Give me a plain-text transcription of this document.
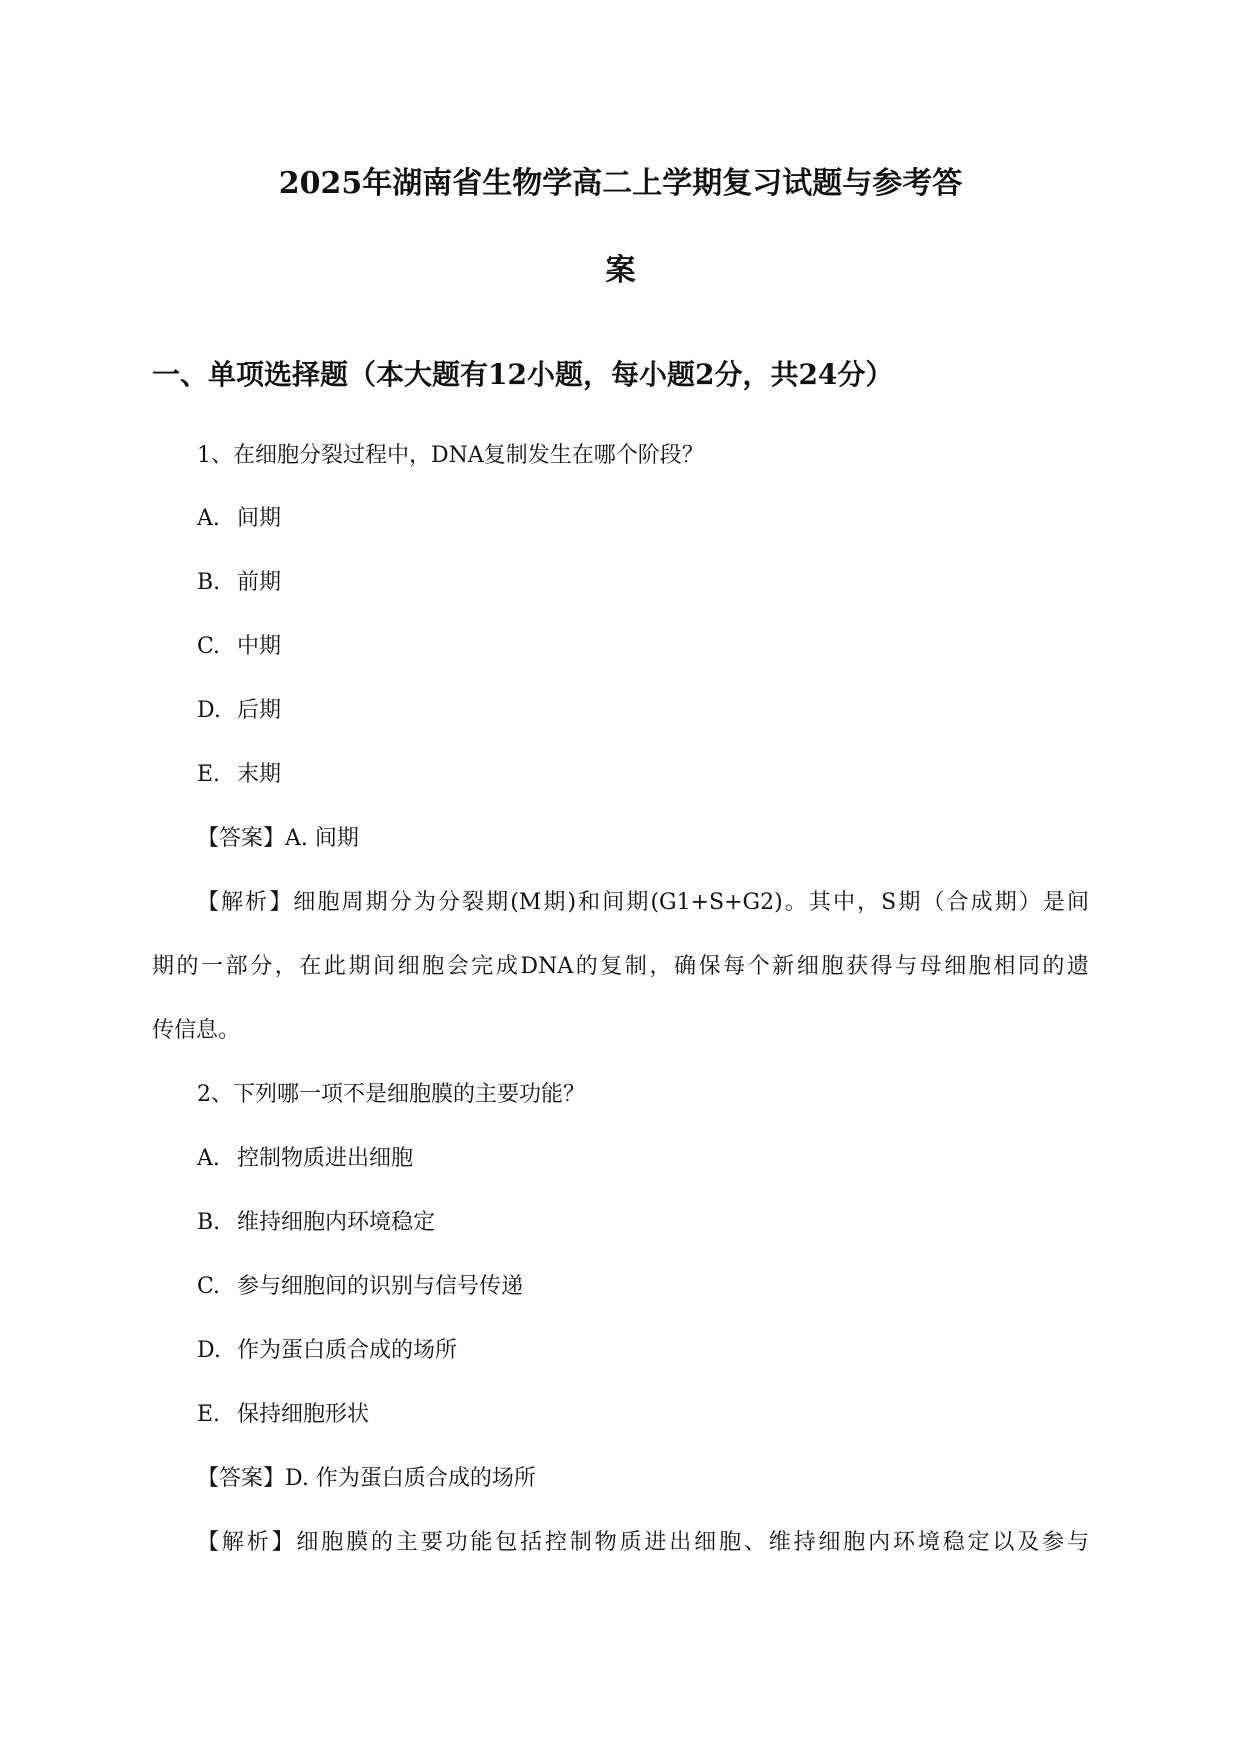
2025年湖南省生物学高二上学期复习试题与参考答
案
一、单项选择题（本大题有12小题，每小题2分，共24分）
1、在细胞分裂过程中，DNA复制发生在哪个阶段？
A. 间期
B. 前期
C. 中期
D. 后期
E. 末期
【答案】A. 间期
【解析】细胞周期分为分裂期(M期)和间期(G1+S+G2)。其中，S期（合成期）是间
期的一部分，在此期间细胞会完成DNA的复制，确保每个新细胞获得与母细胞相同的遗
传信息。
2、下列哪一项不是细胞膜的主要功能？
A. 控制物质进出细胞
B. 维持细胞内环境稳定
C. 参与细胞间的识别与信号传递
D. 作为蛋白质合成的场所
E. 保持细胞形状
【答案】D. 作为蛋白质合成的场所
【解析】细胞膜的主要功能包括控制物质进出细胞、维持细胞内环境稳定以及参与
